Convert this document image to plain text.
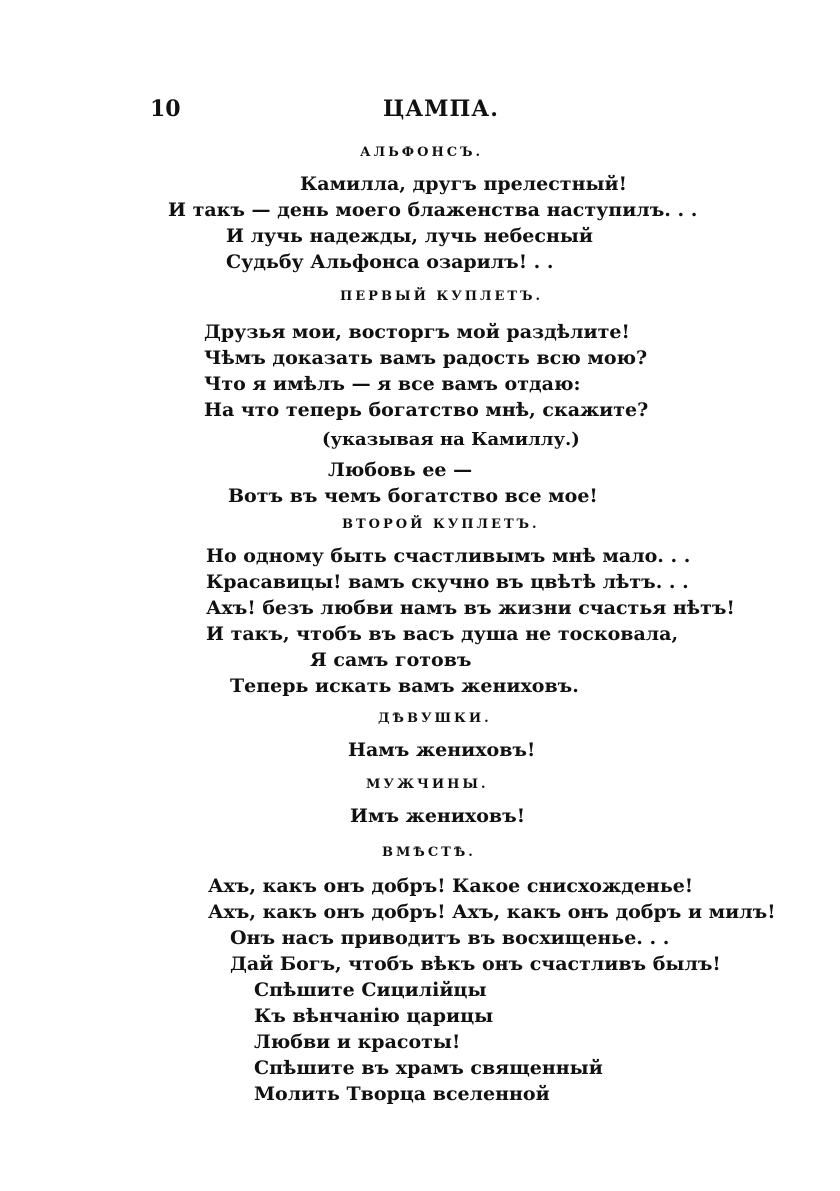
10	ЦАМПА.
АЛЬФОНСЪ.
Камилла, другъ прелестный!
И такъ — день моего блаженства наступилъ. . .
И лучь надежды, лучь небесный
Судьбу Альфонса озарилъ! . .
ПЕРВЫЙ КУПЛЕТЪ.
Друзья мои, восторгъ мой раздѣлите!
Чѣмъ доказать вамъ радость всю мою?
Что я имѣлъ — я все вамъ отдаю:
На что теперь богатство мнѣ, скажите?
(указывая на Камиллу.)
Любовь ее —
Вотъ въ чемъ богатство все мое!
ВТОРОЙ КУПЛЕТЪ.
Но одному быть счастливымъ мнѣ мало. . .
Красавицы! вамъ скучно въ цвѣтѣ лѣтъ. . .
Ахъ! безъ любви намъ въ жизни счастья нѣтъ!
И такъ, чтобъ въ васъ душа не тосковала,
Я самъ готовъ
Теперь искать вамъ жениховъ.
ДѢВУШКИ.
Намъ жениховъ!
МУЖЧИНЫ.
Имъ жениховъ!
ВМѢСТѢ.
Ахъ, какъ онъ добръ! Какое снисхожденье!
Ахъ, какъ онъ добръ! Ахъ, какъ онъ добръ и милъ!
Онъ насъ приводитъ въ восхищенье. . .
Дай Богъ, чтобъ вѣкъ онъ счастливъ былъ!
Спѣшите Сицилійцы
Къ вѣнчанію царицы
Любви и красоты!
Спѣшите въ храмъ священный
Молить Творца вселенной
